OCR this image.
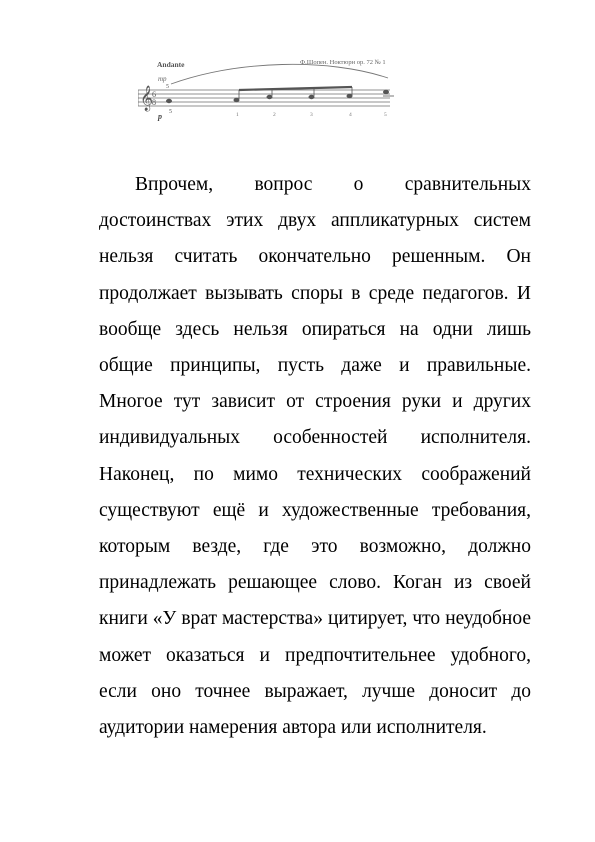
𝄞
6
8
Andante
mp
Ф.Шопен. Ноктюрн ор. 72 № 1
5
p 5	1	2	3	4	5

Впрочем, вопрос о сравнительных достоинствах этих двух аппликатурных систем нельзя считать окончательно решенным. Он продолжает вызывать споры в среде педагогов. И вообще здесь нельзя опираться на одни лишь общие принципы, пусть даже и правильные. Многое тут зависит от строения руки и других индивидуальных особенностей исполнителя. Наконец, по мимо технических соображений существуют ещё и художественные требования, которым везде, где это возможно, должно принадлежать решающее слово. Коган из своей книги «У врат мастерства» цитирует, что неудобное может оказаться и предпочтительнее удобного, если оно точнее выражает, лучше доносит до аудитории намерения автора или исполнителя.
